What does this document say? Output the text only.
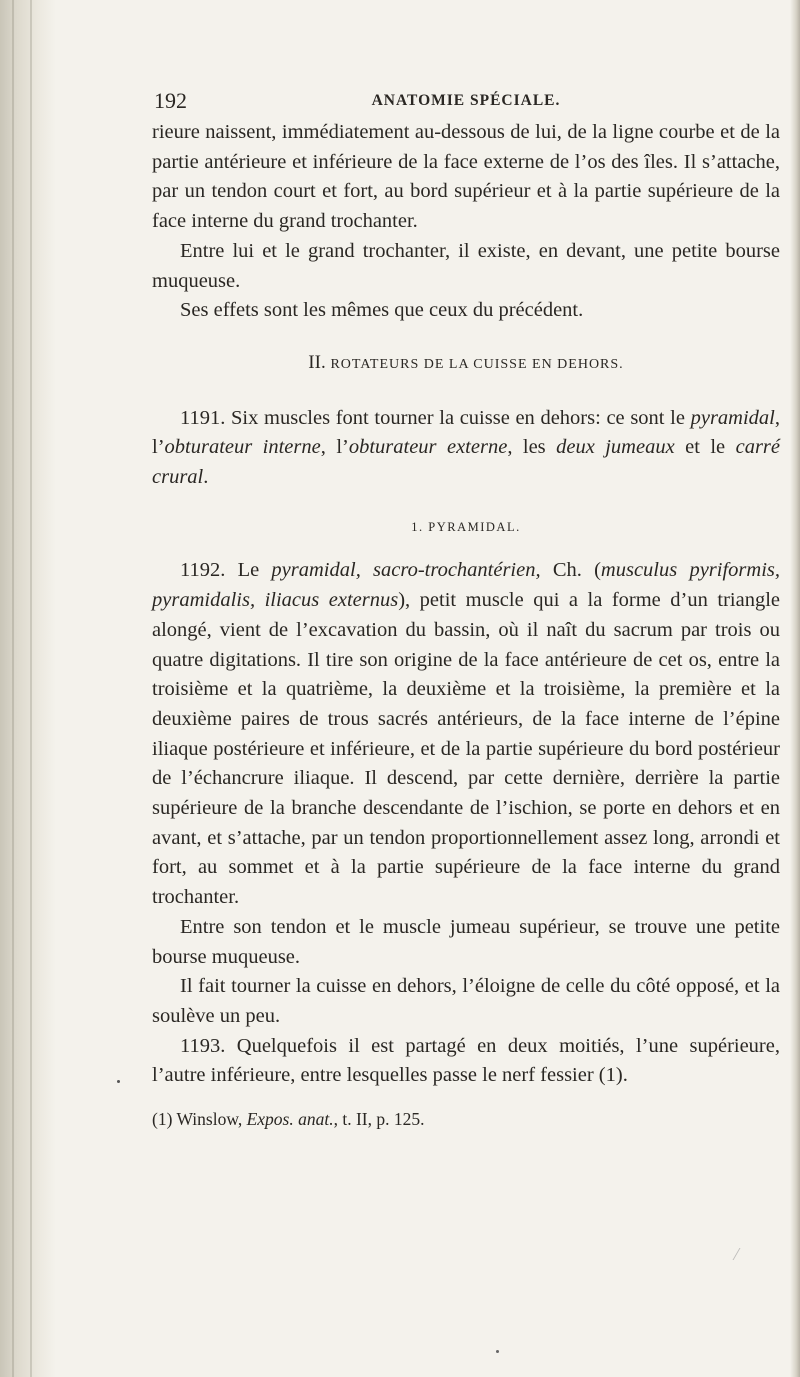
192	ANATOMIE SPÉCIALE.

rieure naissent, immédiatement au-dessous de lui, de la ligne courbe et de la partie antérieure et inférieure de la face externe de l’os des îles. Il s’attache, par un tendon court et fort, au bord supérieur et à la partie supérieure de la face interne du grand trochanter.

Entre lui et le grand trochanter, il existe, en devant, une petite bourse muqueuse.

Ses effets sont les mêmes que ceux du précédent.

II. ROTATEURS DE LA CUISSE EN DEHORS.

1191. Six muscles font tourner la cuisse en dehors: ce sont le pyramidal, l’obturateur interne, l’obturateur externe, les deux jumeaux et le carré crural.

1. PYRAMIDAL.

1192. Le pyramidal, sacro-trochantérien, Ch. (musculus pyriformis, pyramidalis, iliacus externus), petit muscle qui a la forme d’un triangle alongé, vient de l’excavation du bassin, où il naît du sacrum par trois ou quatre digitations. Il tire son origine de la face antérieure de cet os, entre la troisième et la quatrième, la deuxième et la troisième, la première et la deuxième paires de trous sacrés antérieurs, de la face interne de l’épine iliaque postérieure et inférieure, et de la partie supérieure du bord postérieur de l’échancrure iliaque. Il descend, par cette dernière, derrière la partie supérieure de la branche descendante de l’ischion, se porte en dehors et en avant, et s’attache, par un tendon proportionnellement assez long, arrondi et fort, au sommet et à la partie supérieure de la face interne du grand trochanter.

Entre son tendon et le muscle jumeau supérieur, se trouve une petite bourse muqueuse.

Il fait tourner la cuisse en dehors, l’éloigne de celle du côté opposé, et la soulève un peu.

1193. Quelquefois il est partagé en deux moitiés, l’une supérieure, l’autre inférieure, entre lesquelles passe le nerf fessier (1).

(1) Winslow, Expos. anat., t. II, p. 125.
